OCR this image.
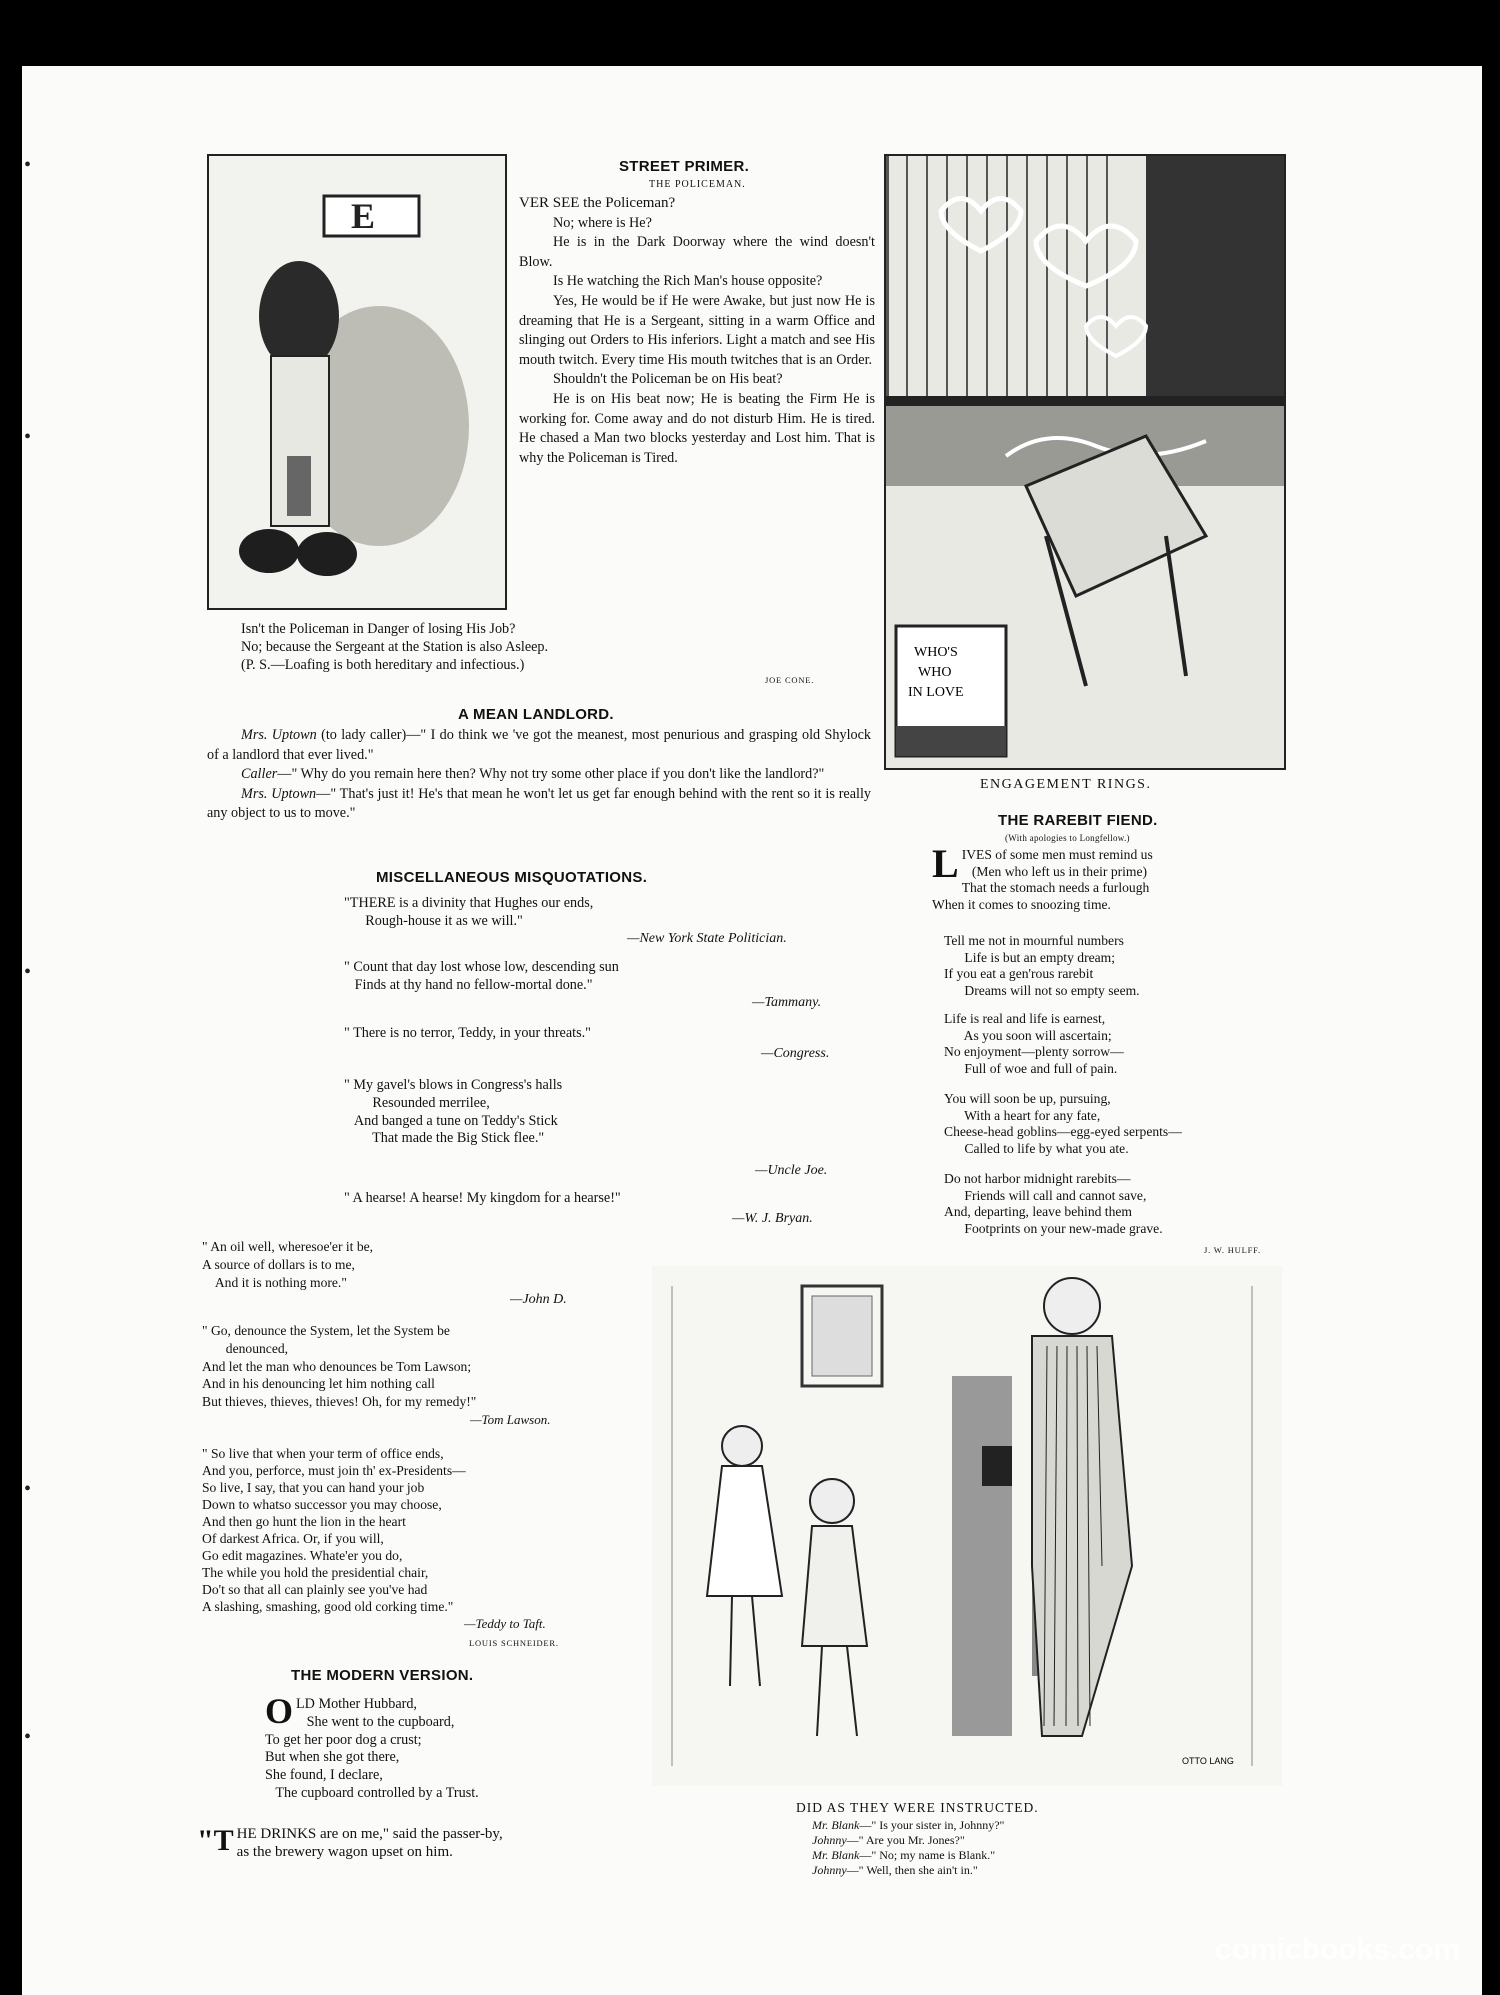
•
•
•
•
•
E
STREET PRIMER.
THE POLICEMAN.

VER SEE the Policeman?

No; where is He?

He is in the Dark Doorway where the wind doesn't Blow.

Is He watching the Rich Man's house opposite?

Yes, He would be if He were Awake, but just now He is dreaming that He is a Sergeant, sitting in a warm Office and slinging out Orders to His inferiors. Light a match and see His mouth twitch. Every time His mouth twitches that is an Order.

Shouldn't the Policeman be on His beat?

He is on His beat now; He is beating the Firm He is working for. Come away and do not disturb Him. He is tired. He chased a Man two blocks yesterday and Lost him. That is why the Policeman is Tired.

Isn't the Policeman in Danger of losing His Job?

No; because the Sergeant at the Station is also Asleep.

(P. S.—Loafing is both hereditary and infectious.)

JOE CONE.
A MEAN LANDLORD.

Mrs. Uptown (to lady caller)—" I do think we 've got the meanest, most penurious and grasping old Shylock of a landlord that ever lived."

Caller—" Why do you remain here then? Why not try some other place if you don't like the landlord?"

Mrs. Uptown—" That's just it! He's that mean he won't let us get far enough behind with the rent so it is really any object to us to move."

MISCELLANEOUS MISQUOTATIONS.

"THERE is a divinity that Hughes our ends,

Rough-house it as we will."

—New York State Politician.

" Count that day lost whose low, descending sun

Finds at thy hand no fellow-mortal done."

—Tammany.

" There is no terror, Teddy, in your threats."

—Congress.

" My gavel's blows in Congress's halls

Resounded merrilee,

And banged a tune on Teddy's Stick

That made the Big Stick flee."

—Uncle Joe.

" A hearse! A hearse! My kingdom for a hearse!"

—W. J. Bryan.

" An oil well, wheresoe'er it be,

A source of dollars is to me,

And it is nothing more."

—John D.

" Go, denounce the System, let the System be

denounced,

And let the man who denounces be Tom Lawson;

And in his denouncing let him nothing call

But thieves, thieves, thieves! Oh, for my remedy!"

—Tom Lawson.

" So live that when your term of office ends,

And you, perforce, must join th' ex-Presidents—

So live, I say, that you can hand your job

Down to whatso successor you may choose,

And then go hunt the lion in the heart

Of darkest Africa. Or, if you will,

Go edit magazines. Whate'er you do,

The while you hold the presidential chair,

Do't so that all can plainly see you've had

A slashing, smashing, good old corking time."

—Teddy to Taft.
LOUIS SCHNEIDER.
THE MODERN VERSION.
O LD Mother Hubbard,

She went to the cupboard,

To get her poor dog a crust;

But when she got there,

She found, I declare,

The cupboard controlled by a Trust.

"T HE DRINKS are on me," said the passer-by,

as the brewery wagon upset on him.

WHO'S
WHO
IN LOVE
ENGAGEMENT RINGS.
THE RAREBIT FIEND.
(With apologies to Longfellow.)
L IVES of some men must remind us

(Men who left us in their prime)

That the stomach needs a furlough

When it comes to snoozing time.

Tell me not in mournful numbers

Life is but an empty dream;

If you eat a gen'rous rarebit

Dreams will not so empty seem.

Life is real and life is earnest,

As you soon will ascertain;

No enjoyment—plenty sorrow—

Full of woe and full of pain.

You will soon be up, pursuing,

With a heart for any fate,

Cheese-head goblins—egg-eyed serpents—

Called to life by what you ate.

Do not harbor midnight rarebits—

Friends will call and cannot save,

And, departing, leave behind them

Footprints on your new-made grave.

J. W. HULFF.
OTTO LANG
DID AS THEY WERE INSTRUCTED.

Mr. Blank—" Is your sister in, Johnny?"

Johnny—" Are you Mr. Jones?"

Mr. Blank—" No; my name is Blank."

Johnny—" Well, then she ain't in."

comicbooks.com
